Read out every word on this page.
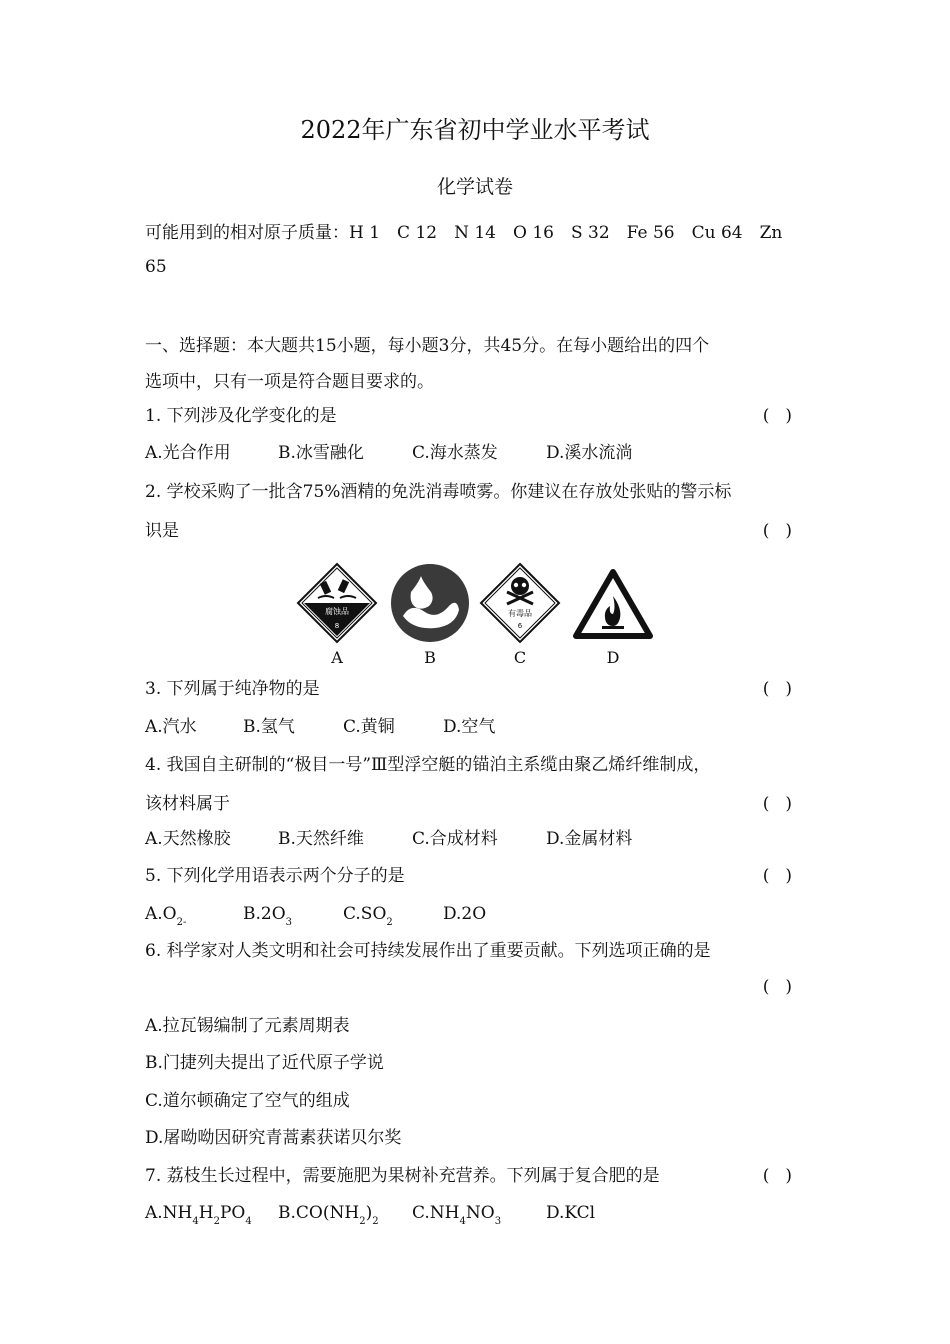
2022年广东省初中学业水平考试
化学试卷
可能用到的相对原子质量：H 1　C 12　N 14　O 16　S 32　Fe 56　Cu 64　Zn
65
一、选择题：本大题共15小题，每小题3分，共45分。在每小题给出的四个
选项中，只有一项是符合题目要求的。
1. 下列涉及化学变化的是	()
A.光合作用	B.冰雪融化	C.海水蒸发	D.溪水流淌
2. 学校采购了一批含75%酒精的免洗消毒喷雾。你建议在存放处张贴的警示标
识是	()
腐蚀品
8
A	B
有毒品
6
C	D
3. 下列属于纯净物的是	()
A.汽水	B.氢气	C.黄铜	D.空气
4. 我国自主研制的“极目一号”Ⅲ型浮空艇的锚泊主系缆由聚乙烯纤维制成，
该材料属于	()
A.天然橡胶	B.天然纤维	C.合成材料	D.金属材料
5. 下列化学用语表示两个分子的是	()
$A.O_{2-}$	$B.2O_3$	$C.SO_2$	D.2O
6. 科学家对人类文明和社会可持续发展作出了重要贡献。下列选项正确的是
()
A.拉瓦锡编制了元素周期表
B.门捷列夫提出了近代原子学说
C.道尔顿确定了空气的组成
D.屠呦呦因研究青蒿素获诺贝尔奖
7. 荔枝生长过程中，需要施肥为果树补充营养。下列属于复合肥的是	()
$A.NH_4H_2PO_4$ $B.CO(NH_2)_2$ $C.NH_4NO_3$	D.KCl
